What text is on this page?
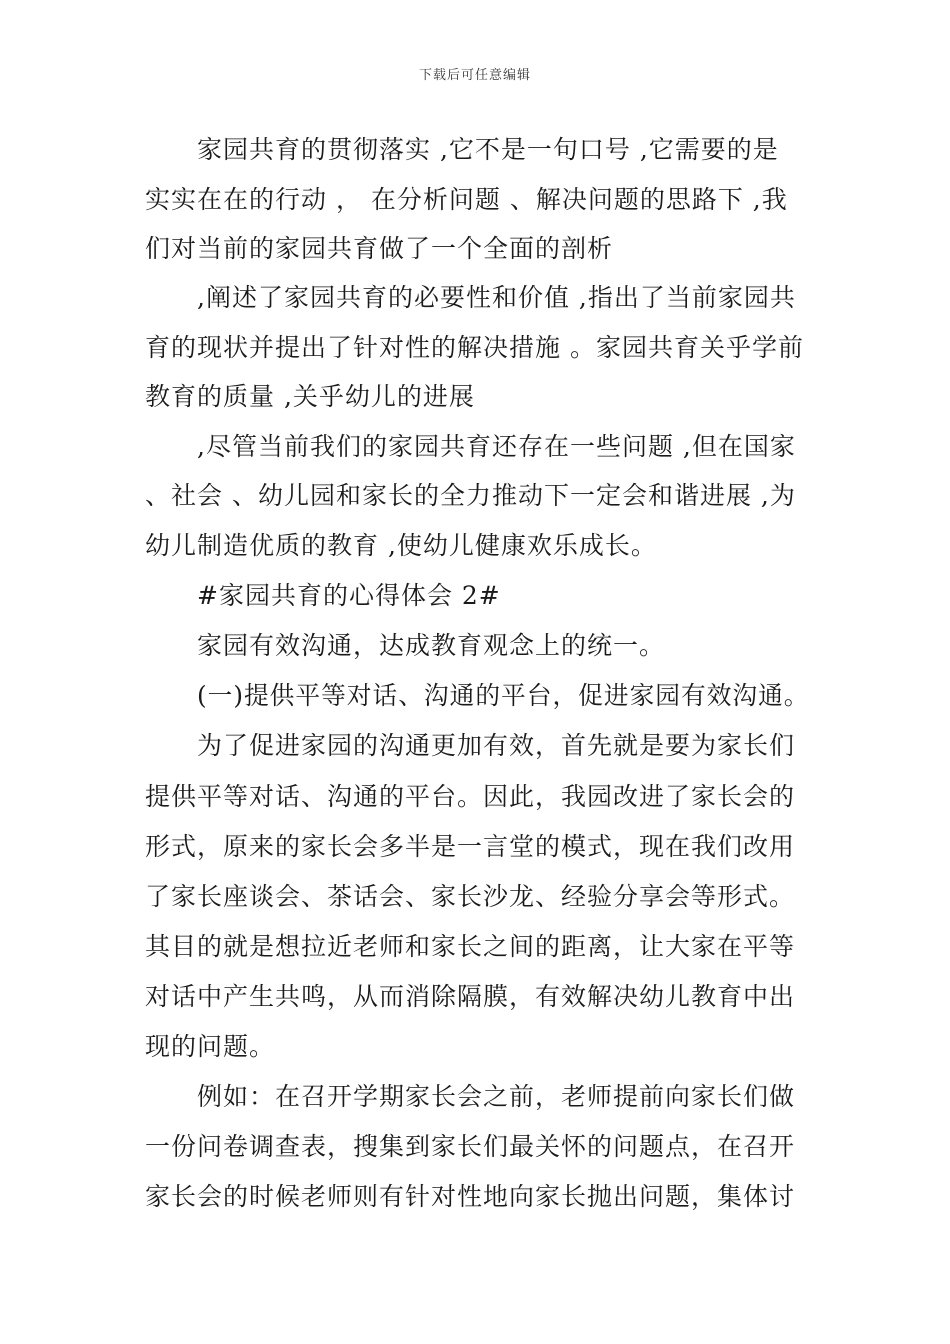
下载后可任意编辑
家园共育的贯彻落实 ,它不是一句口号 ,它需要的是
实实在在的行动 ， 在分析问题 、解决问题的思路下 ,我
们对当前的家园共育做了一个全面的剖析
,阐述了家园共育的必要性和价值 ,指出了当前家园共
育的现状并提出了针对性的解决措施 。家园共育关乎学前
教育的质量 ,关乎幼儿的进展
,尽管当前我们的家园共育还存在一些问题 ,但在国家
、社会 、幼儿园和家长的全力推动下一定会和谐进展 ,为
幼儿制造优质的教育 ,使幼儿健康欢乐成长。
#家园共育的心得体会 2#
家园有效沟通，达成教育观念上的统一。
(一)提供平等对话、沟通的平台，促进家园有效沟通。
为了促进家园的沟通更加有效，首先就是要为家长们
提供平等对话、沟通的平台。因此，我园改进了家长会的
形式，原来的家长会多半是一言堂的模式，现在我们改用
了家长座谈会、茶话会、家长沙龙、经验分享会等形式。
其目的就是想拉近老师和家长之间的距离，让大家在平等
对话中产生共鸣，从而消除隔膜，有效解决幼儿教育中出
现的问题。
例如：在召开学期家长会之前，老师提前向家长们做
一份问卷调查表，搜集到家长们最关怀的问题点，在召开
家长会的时候老师则有针对性地向家长抛出问题，集体讨
